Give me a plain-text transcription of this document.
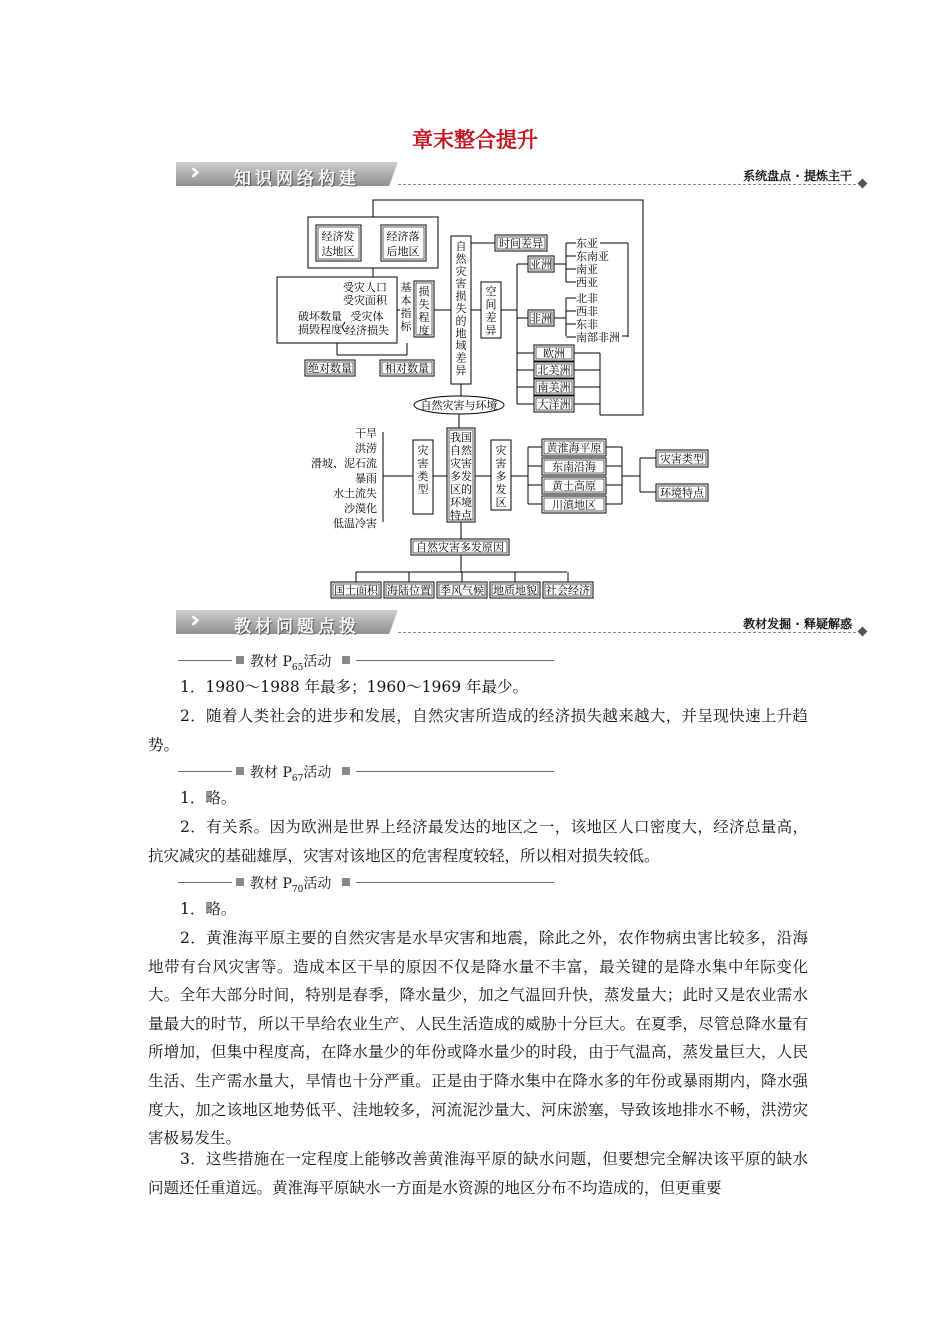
章末整合提升
››› 知识网络构建	系统盘点 · 提炼主干
经济发
达地区
经济落
后地区
受灾人口
受灾面积
破坏数量
损毁程度
受灾体
经济损失
基
本
指
标
损
失
程
度
绝对数量	相对数量
自
然
灾
害
损
失
的
地
域
差
异
时间差异
空
间
差
异
亚洲
东亚
东南亚
南亚
西亚
非洲
北非
西非
东非
南部非洲
欧洲
北美洲
南美洲
大洋洲
自然灾害与环境
干旱
洪涝
滑坡、泥石流
暴雨
水土流失
沙漠化
低温冷害
灾
害
类
型
我国
自然
灾害
多发
区的
环境
特点
灾
害
多
发
区
黄淮海平原
东南沿海
黄土高原
川滇地区
灾害类型
环境特点
自然灾害多发原因
国土面积 海陆位置 季风气候 地质地貌 社会经济
››› 教材问题点拨	教材发掘 · 释疑解惑
教材 $P_{65}$活动

1．1980～1988 年最多；1960～1969 年最少。

2．随着人类社会的进步和发展，自然灾害所造成的经济损失越来越大，并呈现快速上升趋势。

教材 $P_{67}$活动

1．略。

2．有关系。因为欧洲是世界上经济最发达的地区之一，该地区人口密度大，经济总量高，抗灾减灾的基础雄厚，灾害对该地区的危害程度较轻，所以相对损失较低。

教材 $P_{70}$活动

1．略。

2．黄淮海平原主要的自然灾害是水旱灾害和地震，除此之外，农作物病虫害比较多，沿海地带有台风灾害等。造成本区干旱的原因不仅是降水量不丰富，最关键的是降水集中年际变化大。全年大部分时间，特别是春季，降水量少，加之气温回升快，蒸发量大；此时又是农业需水量最大的时节，所以干旱给农业生产、人民生活造成的威胁十分巨大。在夏季，尽管总降水量有所增加，但集中程度高，在降水量少的年份或降水量少的时段，由于气温高，蒸发量巨大，人民生活、生产需水量大，旱情也十分严重。正是由于降水集中在降水多的年份或暴雨期内，降水强度大，加之该地区地势低平、洼地较多，河流泥沙量大、河床淤塞，导致该地排水不畅，洪涝灾害极易发生。

3．这些措施在一定程度上能够改善黄淮海平原的缺水问题，但要想完全解决该平原的缺水问题还任重道远。黄淮海平原缺水一方面是水资源的地区分布不均造成的，但更重要
